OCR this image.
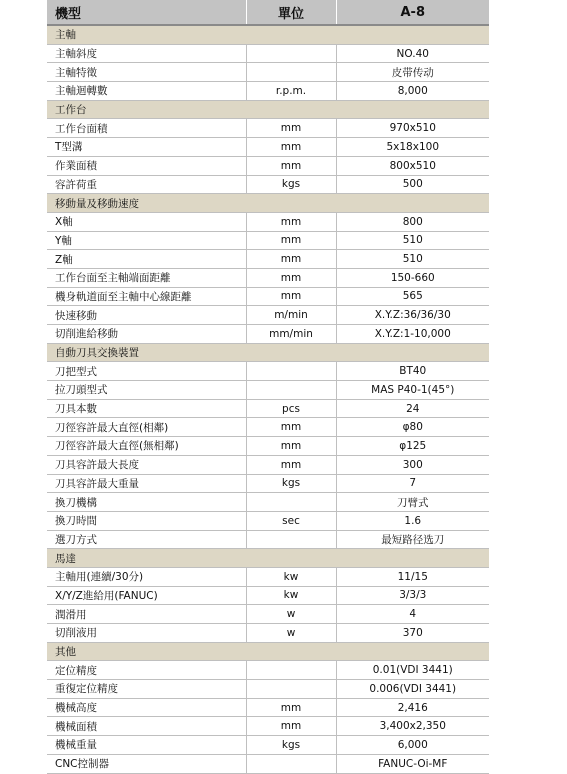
機型	單位	A-8
主軸		
主軸斜度		NO.40
主軸特徵		皮带传动
主軸迴轉數	r.p.m.	8,000
工作台		
工作台面積	mm	970x510
T型溝	mm	5x18x100
作業面積	mm	800x510
容許荷重	kgs	500
移動量及移動速度		
X軸	mm	800
Y軸	mm	510
Z軸	mm	510
工作台面至主軸端面距離	mm	150-660
機身軌道面至主軸中心線距離	mm	565
快速移動	m/min	X.Y.Z:36/36/30
切削進給移動	mm/min	X.Y.Z:1-10,000
自動刀具交換裝置		
刀把型式		BT40
拉刀頭型式		MAS P40-1(45°)
刀具本數	pcs	24
刀徑容許最大直徑(相鄰)	mm	φ80
刀徑容許最大直徑(無相鄰)	mm	φ125
刀具容許最大長度	mm	300
刀具容許最大重量	kgs	7
換刀機構		刀臂式
換刀時間	sec	1.6
選刀方式		最短路径选刀
馬達		
主軸用(連續/30分)	kw	11/15
X/Y/Z進給用(FANUC)	kw	3/3/3
潤滑用	w	4
切削液用	w	370
其他		
定位精度		0.01(VDI 3441)
重復定位精度		0.006(VDI 3441)
機械高度	mm	2,416
機械面積	mm	3,400x2,350
機械重量	kgs	6,000
CNC控制器		FANUC-Oi-MF
